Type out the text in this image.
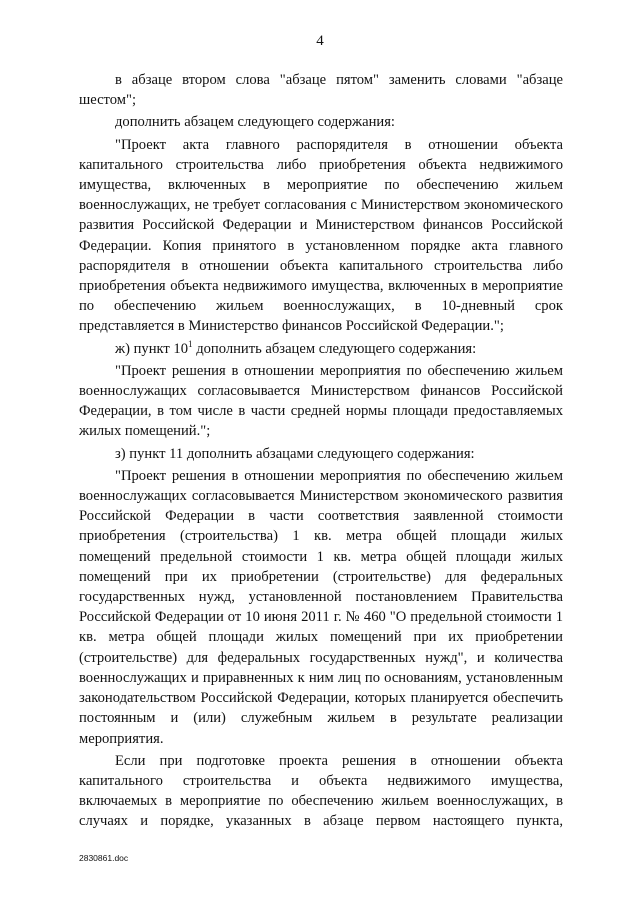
4

в абзаце втором слова "абзаце пятом" заменить словами "абзаце шестом";

дополнить абзацем следующего содержания:

"Проект акта главного распорядителя в отношении объекта капитального строительства либо приобретения объекта недвижимого имущества, включенных в мероприятие по обеспечению жильем военнослужащих, не требует согласования с Министерством экономического развития Российской Федерации и Министерством финансов Российской Федерации. Копия принятого в установленном порядке акта главного распорядителя в отношении объекта капитального строительства либо приобретения объекта недвижимого имущества, включенных в мероприятие по обеспечению жильем военнослужащих, в 10-дневный срок представляется в Министерство финансов Российской Федерации.";

ж) пункт $10^1$ дополнить абзацем следующего содержания:

"Проект решения в отношении мероприятия по обеспечению жильем военнослужащих согласовывается Министерством финансов Российской Федерации, в том числе в части средней нормы площади предоставляемых жилых помещений.";

з) пункт 11 дополнить абзацами следующего содержания:

"Проект решения в отношении мероприятия по обеспечению жильем военнослужащих согласовывается Министерством экономического развития Российской Федерации в части соответствия заявленной стоимости приобретения (строительства) 1 кв. метра общей площади жилых помещений предельной стоимости 1 кв. метра общей площади жилых помещений при их приобретении (строительстве) для федеральных государственных нужд, установленной постановлением Правительства Российской Федерации от 10 июня 2011 г. № 460 "О предельной стоимости 1 кв. метра общей площади жилых помещений при их приобретении (строительстве) для федеральных государственных нужд", и количества военнослужащих и приравненных к ним лиц по основаниям, установленным законодательством Российской Федерации, которых планируется обеспечить постоянным и (или) служебным жильем в результате реализации мероприятия.

Если при подготовке проекта решения в отношении объекта капитального строительства и объекта недвижимого имущества, включаемых в мероприятие по обеспечению жильем военнослужащих, в случаях и порядке, указанных в абзаце первом настоящего пункта,

2830861.doc
